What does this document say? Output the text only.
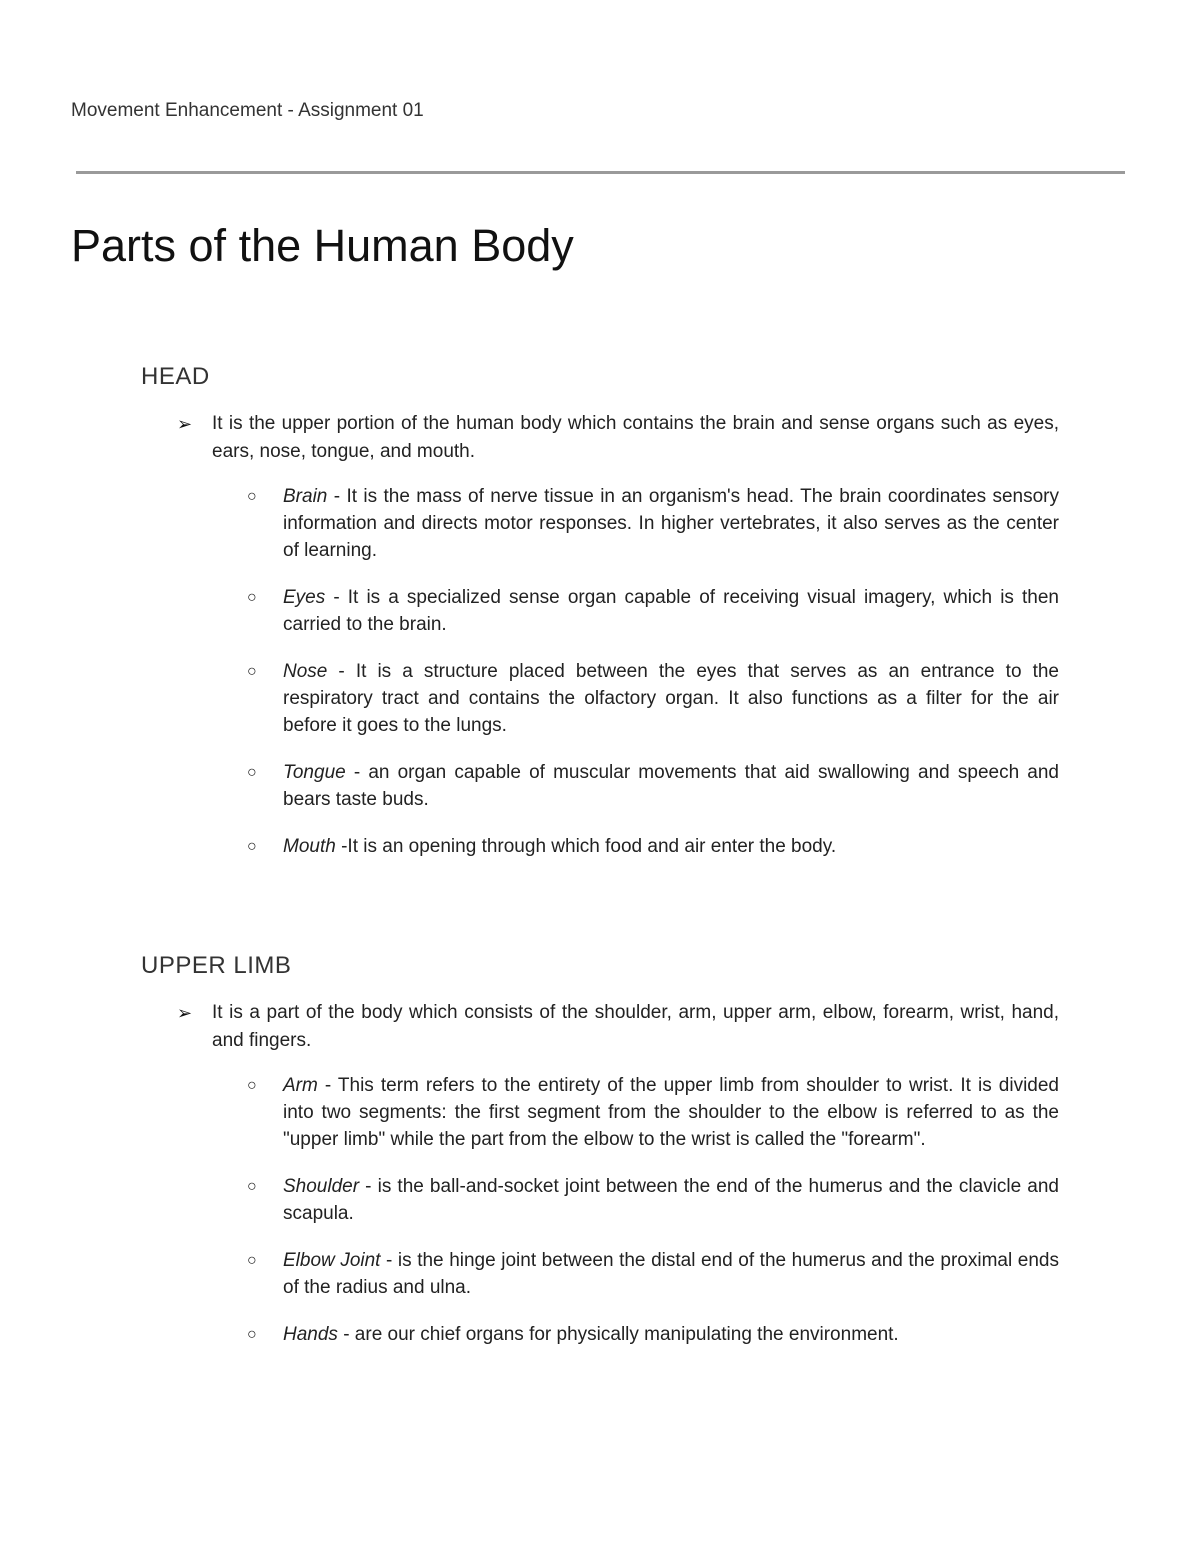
Movement Enhancement - Assignment 01
Parts of the Human Body
HEAD
➢ It is the upper portion of the human body which contains the brain and sense organs such as eyes, ears, nose, tongue, and mouth.
○ Brain - It is the mass of nerve tissue in an organism's head. The brain coordinates sensory information and directs motor responses. In higher vertebrates, it also serves as the center of learning.
○ Eyes - It is a specialized sense organ capable of receiving visual imagery, which is then carried to the brain.
○ Nose - It is a structure placed between the eyes that serves as an entrance to the respiratory tract and contains the olfactory organ. It also functions as a filter for the air before it goes to the lungs.
○ Tongue - an organ capable of muscular movements that aid swallowing and speech and bears taste buds.
○ Mouth -It is an opening through which food and air enter the body.
UPPER LIMB
➢ It is a part of the body which consists of the shoulder, arm, upper arm, elbow, forearm, wrist, hand, and fingers.
○ Arm - This term refers to the entirety of the upper limb from shoulder to wrist. It is divided into two segments: the first segment from the shoulder to the elbow is referred to as the "upper limb" while the part from the elbow to the wrist is called the "forearm".
○ Shoulder - is the ball-and-socket joint between the end of the humerus and the clavicle and scapula.
○ Elbow Joint - is the hinge joint between the distal end of the humerus and the proximal ends of the radius and ulna.
○ Hands - are our chief organs for physically manipulating the environment.
